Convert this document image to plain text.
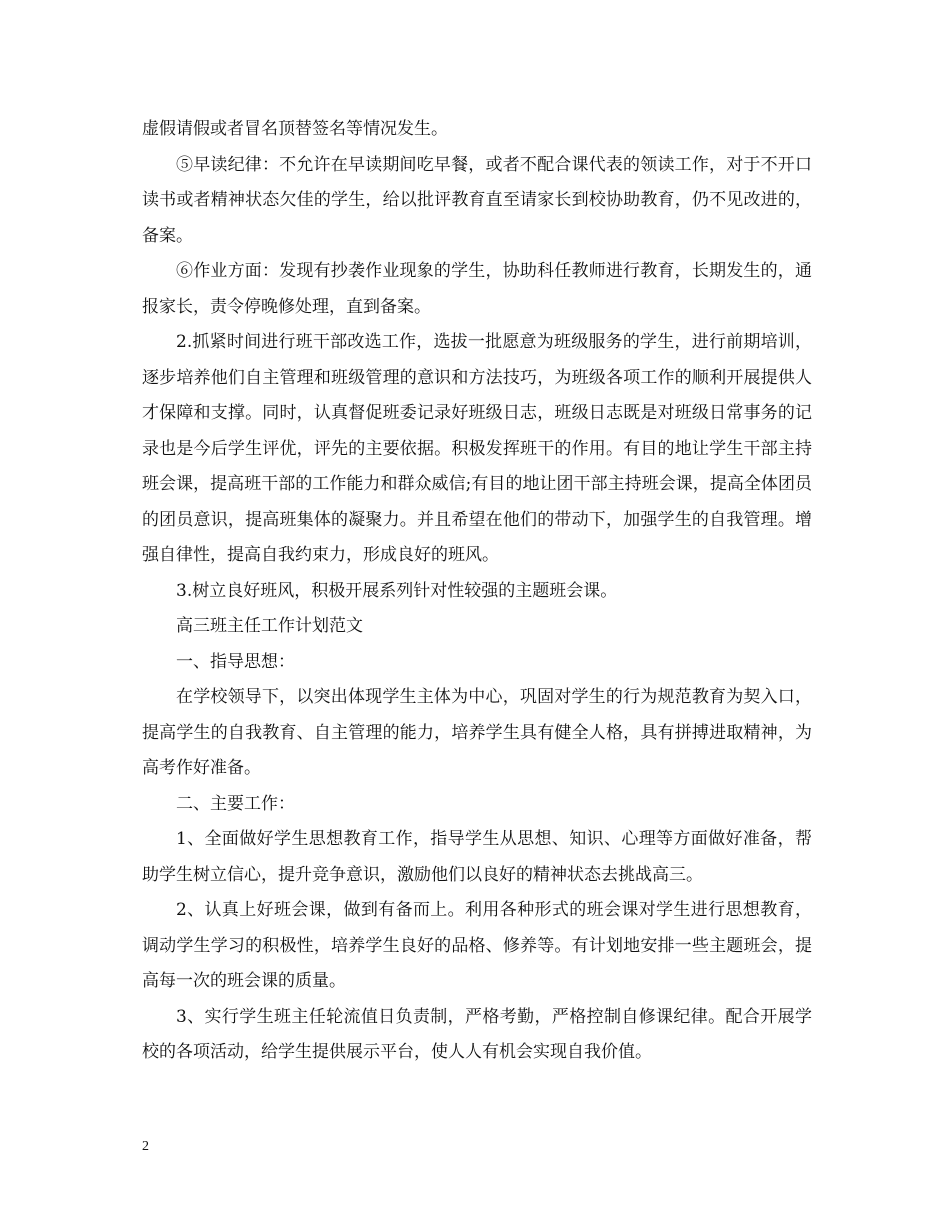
虚假请假或者冒名顶替签名等情况发生。

⑤早读纪律：不允许在早读期间吃早餐，或者不配合课代表的领读工作，对于不开口读书或者精神状态欠佳的学生，给以批评教育直至请家长到校协助教育，仍不见改进的，备案。

⑥作业方面：发现有抄袭作业现象的学生，协助科任教师进行教育，长期发生的，通报家长，责令停晚修处理，直到备案。

2.抓紧时间进行班干部改选工作，选拔一批愿意为班级服务的学生，进行前期培训，逐步培养他们自主管理和班级管理的意识和方法技巧，为班级各项工作的顺利开展提供人才保障和支撑。同时，认真督促班委记录好班级日志，班级日志既是对班级日常事务的记录也是今后学生评优，评先的主要依据。积极发挥班干的作用。有目的地让学生干部主持班会课，提高班干部的工作能力和群众威信;有目的地让团干部主持班会课，提高全体团员的团员意识，提高班集体的凝聚力。并且希望在他们的带动下，加强学生的自我管理。增强自律性，提高自我约束力，形成良好的班风。

3.树立良好班风，积极开展系列针对性较强的主题班会课。

高三班主任工作计划范文

一、指导思想：

在学校领导下，以突出体现学生主体为中心，巩固对学生的行为规范教育为契入口，提高学生的自我教育、自主管理的能力，培养学生具有健全人格，具有拼搏进取精神，为高考作好准备。

二、主要工作：

1、全面做好学生思想教育工作，指导学生从思想、知识、心理等方面做好准备，帮助学生树立信心，提升竞争意识，激励他们以良好的精神状态去挑战高三。

2、认真上好班会课，做到有备而上。利用各种形式的班会课对学生进行思想教育，调动学生学习的积极性，培养学生良好的品格、修养等。有计划地安排一些主题班会，提高每一次的班会课的质量。

3、实行学生班主任轮流值日负责制，严格考勤，严格控制自修课纪律。配合开展学校的各项活动，给学生提供展示平台，使人人有机会实现自我价值。

2
